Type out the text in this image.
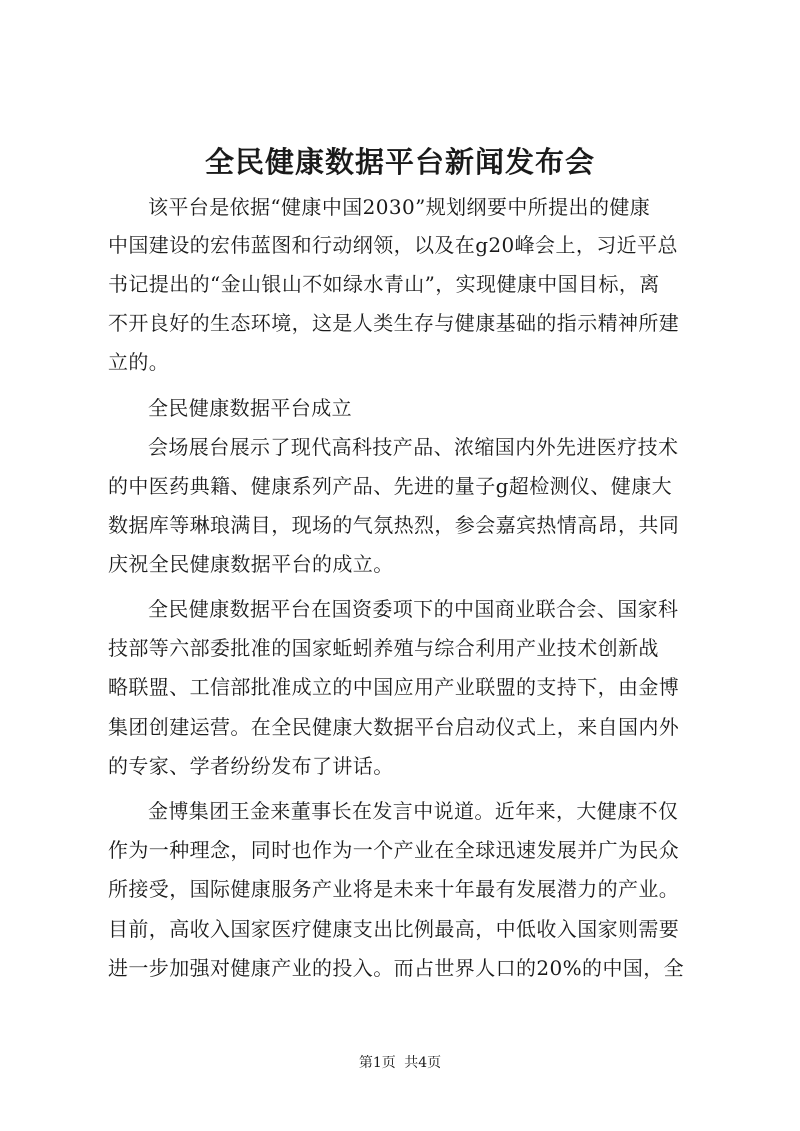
全民健康数据平台新闻发布会
该平台是依据“健康中国2030”规划纲要中所提出的健康
中国建设的宏伟蓝图和行动纲领，以及在g20峰会上，习近平总
书记提出的“金山银山不如绿水青山”，实现健康中国目标，离
不开良好的生态环境，这是人类生存与健康基础的指示精神所建
立的。
全民健康数据平台成立
会场展台展示了现代高科技产品、浓缩国内外先进医疗技术
的中医药典籍、健康系列产品、先进的量子g超检测仪、健康大
数据库等琳琅满目，现场的气氛热烈，参会嘉宾热情高昂，共同
庆祝全民健康数据平台的成立。
全民健康数据平台在国资委项下的中国商业联合会、国家科
技部等六部委批准的国家蚯蚓养殖与综合利用产业技术创新战
略联盟、工信部批准成立的中国应用产业联盟的支持下，由金博
集团创建运营。在全民健康大数据平台启动仪式上，来自国内外
的专家、学者纷纷发布了讲话。
金博集团王金来董事长在发言中说道。近年来，大健康不仅
作为一种理念，同时也作为一个产业在全球迅速发展并广为民众
所接受，国际健康服务产业将是未来十年最有发展潜力的产业。
目前，高收入国家医疗健康支出比例最高，中低收入国家则需要
进一步加强对健康产业的投入。而占世界人口的20%的中国，全
第1页 共4页
